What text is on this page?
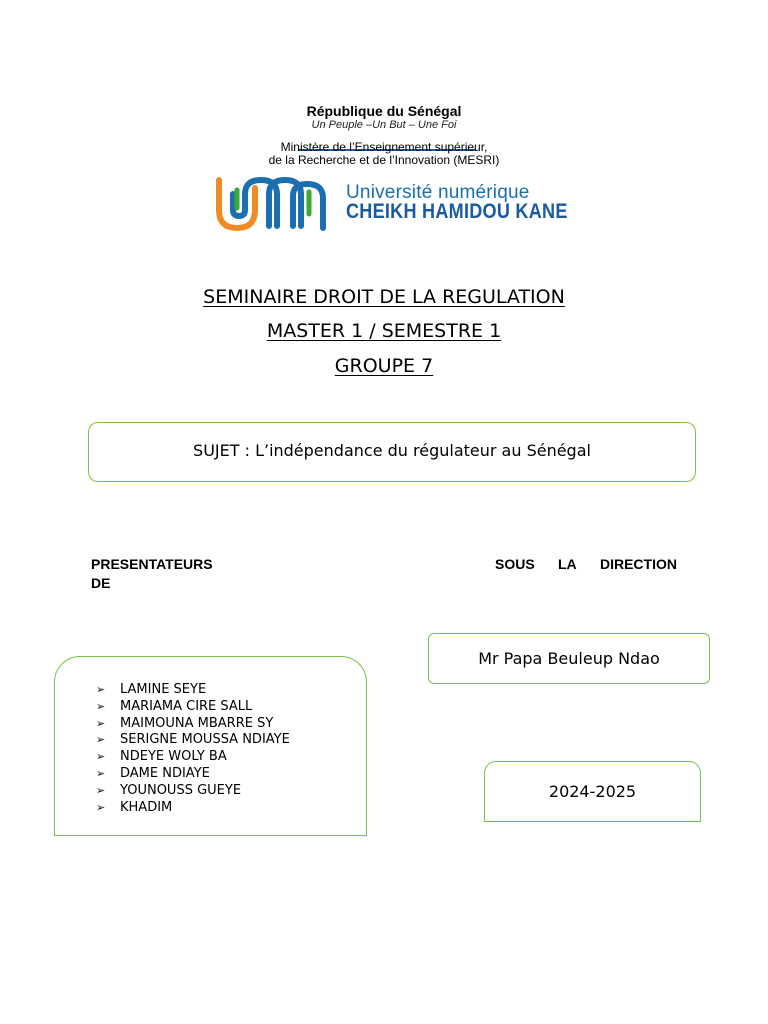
République du Sénégal
Un Peuple –Un But – Une Foi
Ministère de l’Enseignement supérieur,
de la Recherche et de l’Innovation (MESRI)
Université numérique
CHEIKH HAMIDOU KANE
SEMINAIRE DROIT DE LA REGULATION
MASTER 1 / SEMESTRE 1
GROUPE 7
SUJET : L’indépendance du régulateur au Sénégal
PRESENTATEURS
DE
SOUS LA DIRECTION
Mr Papa Beuleup Ndao
➢	LAMINE SEYE
➢	MARIAMA CIRE SALL
➢	MAIMOUNA MBARRE SY
➢	SERIGNE MOUSSA NDIAYE
➢	NDEYE WOLY BA
➢	DAME NDIAYE
➢	YOUNOUSS GUEYE
➢	KHADIM
2024-2025
